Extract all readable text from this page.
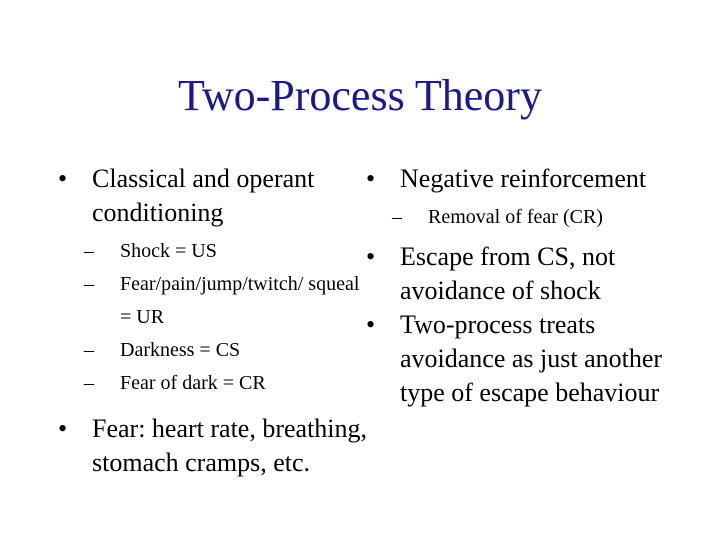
Two-Process Theory
• Classical and operant conditioning
– Shock = US
– Fear/pain/jump/twitch/ squeal = UR
– Darkness = CS
– Fear of dark = CR
• Fear: heart rate, breathing, stomach cramps, etc.
• Negative reinforcement
– Removal of fear (CR)
• Escape from CS, not avoidance of shock
• Two-process treats avoidance as just another type of escape behaviour
